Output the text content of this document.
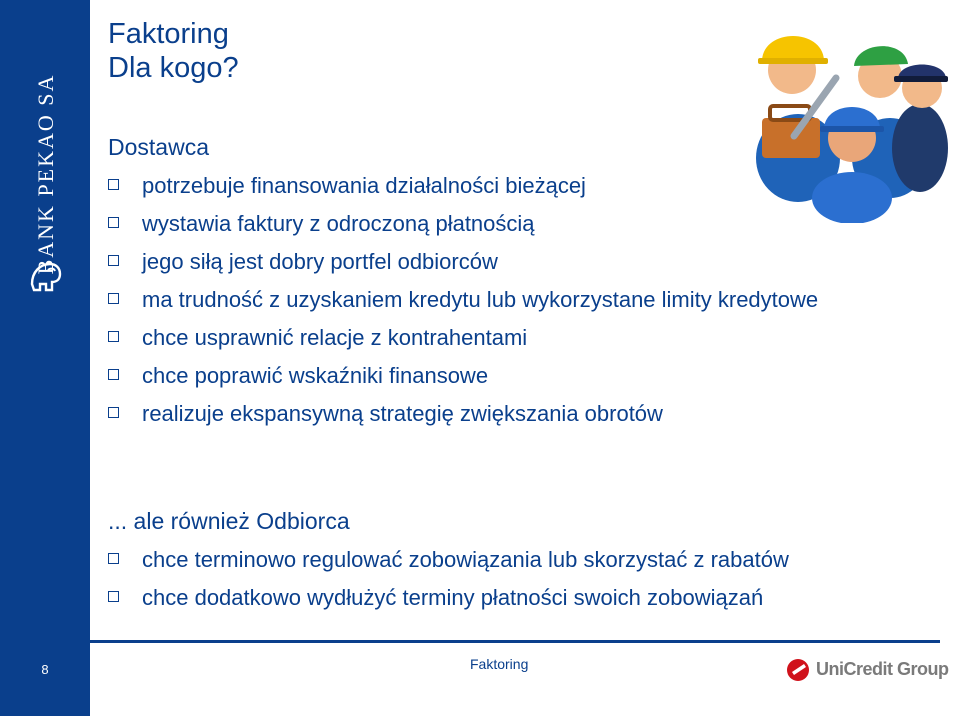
BANK PEKAO SA
8
Faktoring
Dla kogo?
Dostawca
potrzebuje finansowania działalności bieżącej
wystawia faktury z odroczoną płatnością
jego siłą jest dobry portfel odbiorców
ma trudność z uzyskaniem kredytu lub wykorzystane limity kredytowe
chce usprawnić relacje z kontrahentami
chce poprawić wskaźniki finansowe
realizuje ekspansywną strategię zwiększania obrotów
... ale również Odbiorca
chce terminowo regulować zobowiązania lub skorzystać z rabatów
chce dodatkowo wydłużyć terminy płatności swoich zobowiązań
Faktoring	UniCredit Group
